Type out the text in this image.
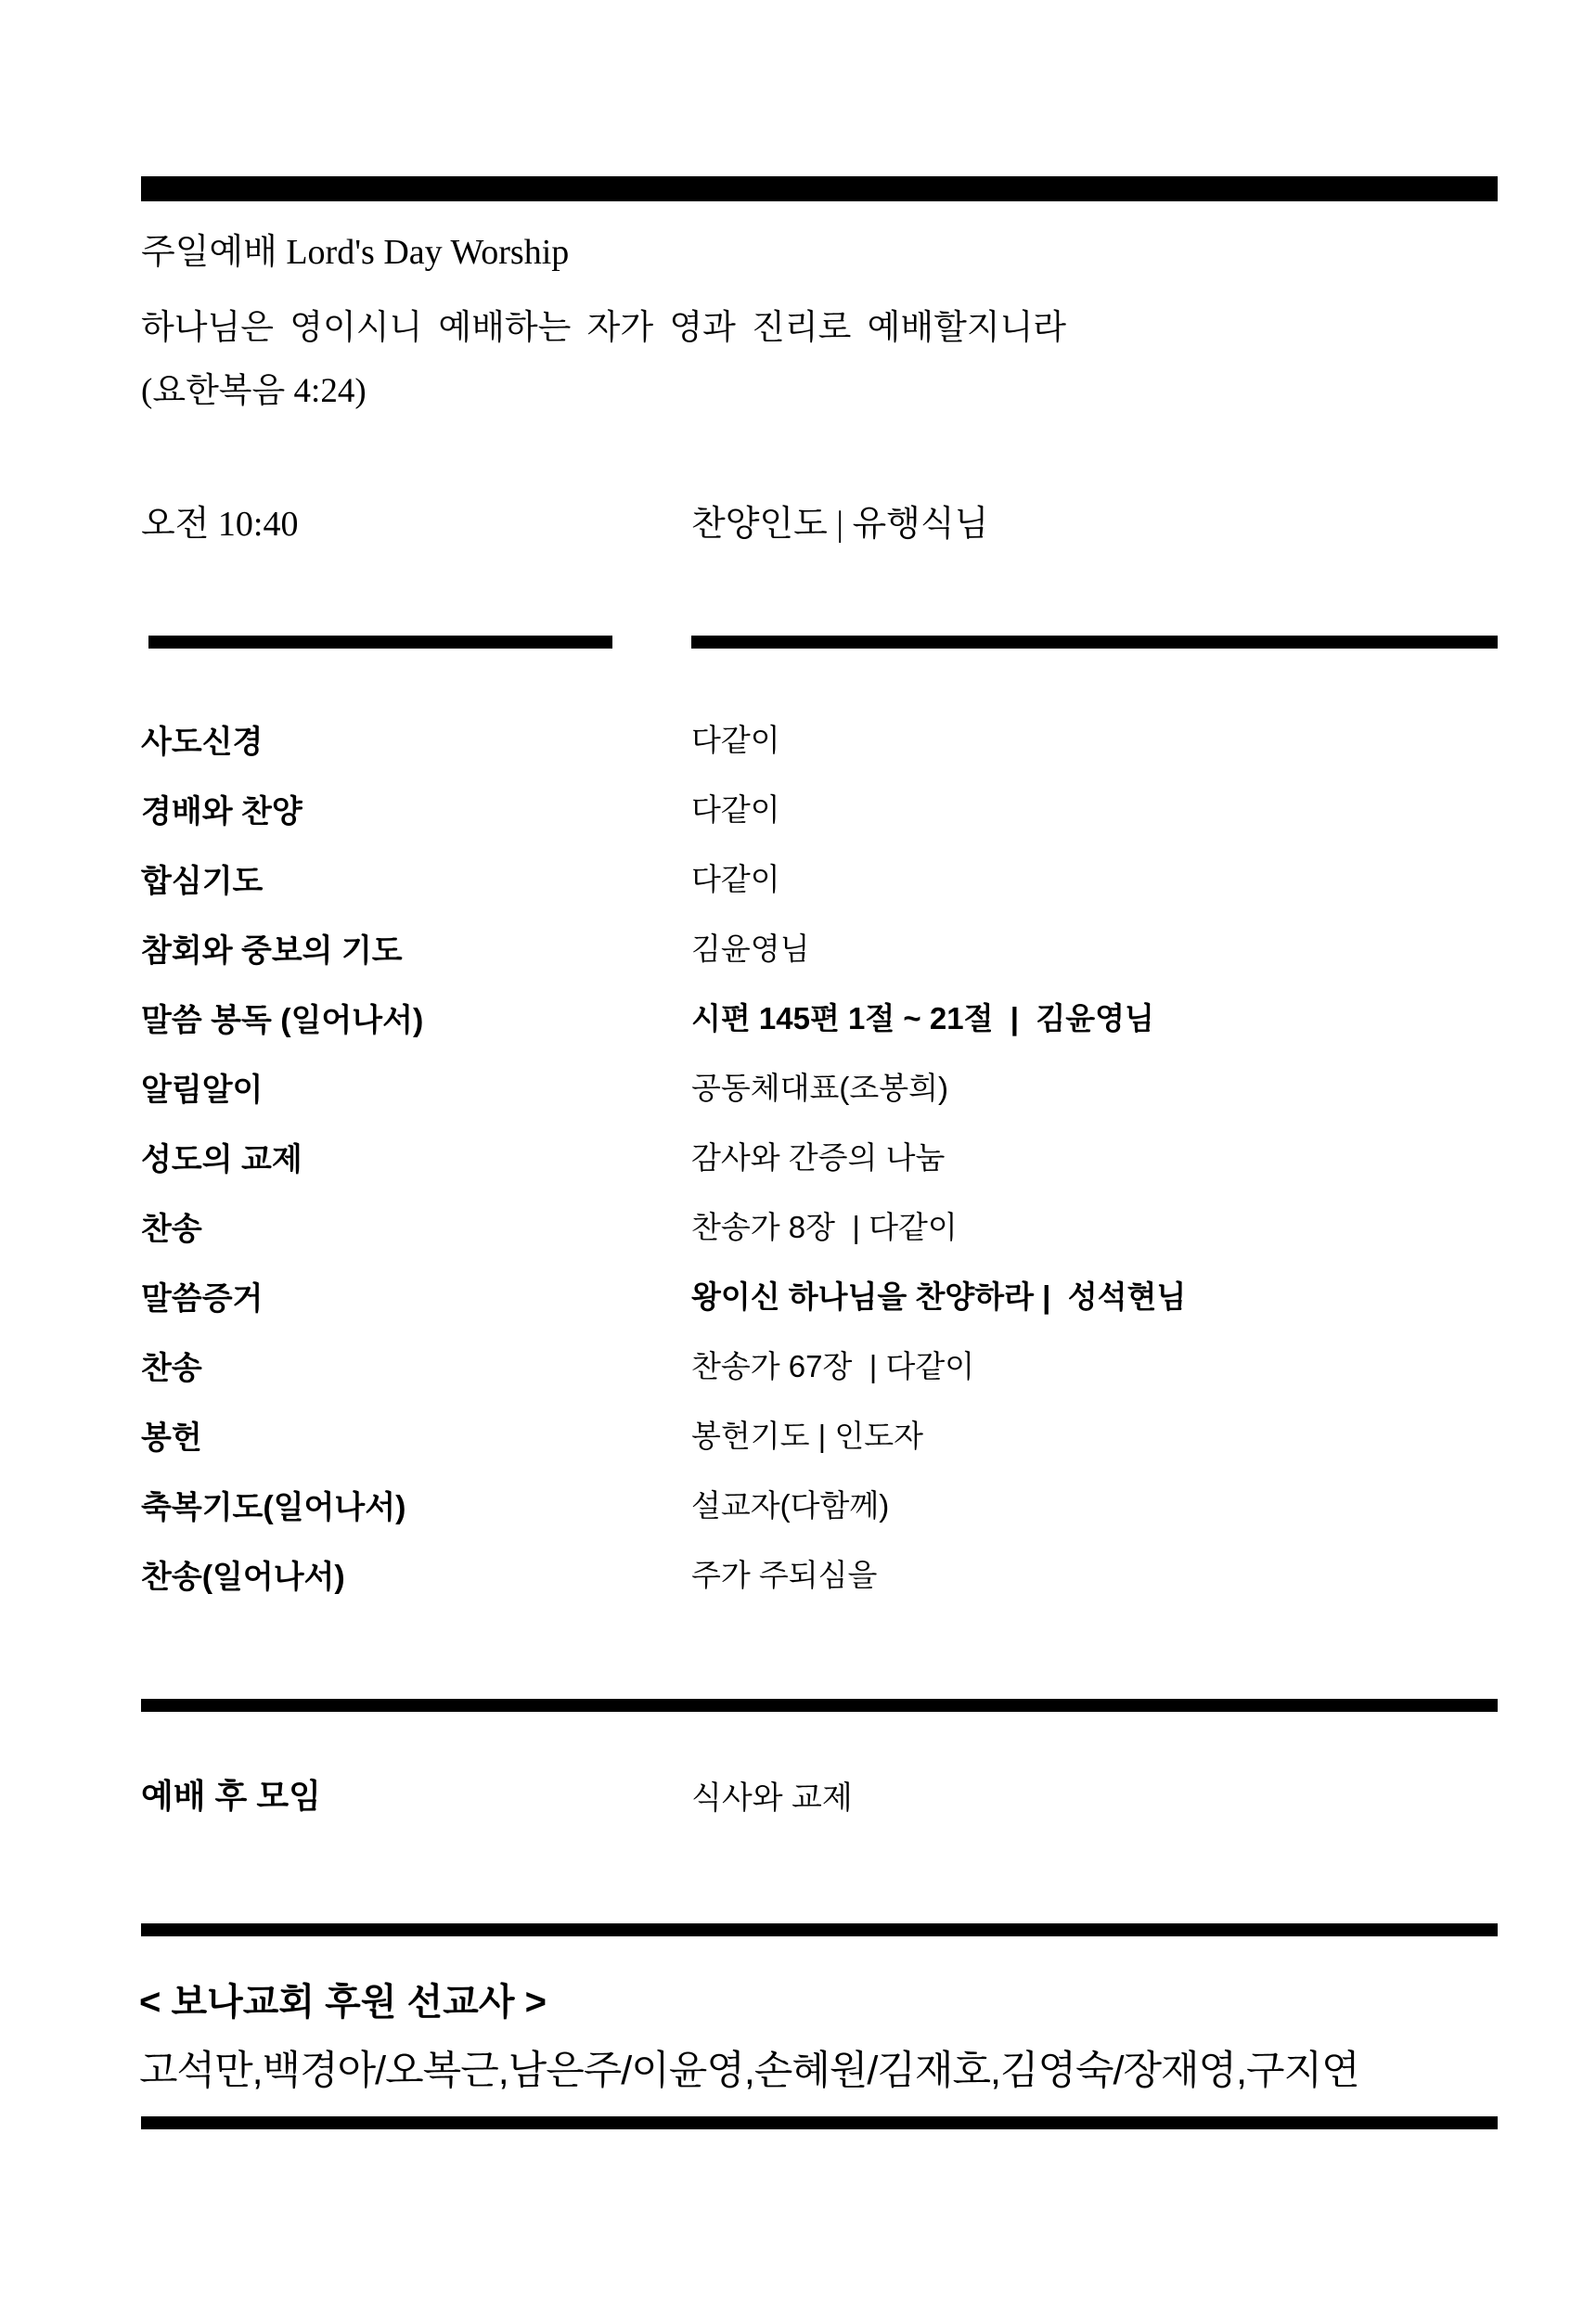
주일예배 Lord's Day Worship

하나님은 영이시니 예배하는 자가 영과 진리로 예배할지니라

(요한복음 4:24)

오전 10:40	찬양인도 | 유행식님
사도신경	다같이
경배와 찬양	다같이
합심기도	다같이
참회와 중보의 기도	김윤영님
말씀 봉독 (일어나서)	시편 145편 1절 ~ 21절  |  김윤영님
알림알이	공동체대표(조봉희)
성도의 교제	감사와 간증의 나눔
찬송	찬송가 8장  | 다같이
말씀증거	왕이신 하나님을 찬양하라 |  성석현님
찬송	찬송가 67장  | 다같이
봉헌	봉헌기도 | 인도자
축복기도(일어나서)	설교자(다함께)
찬송(일어나서)	주가 주되심을
예배 후 모임	식사와 교제

< 보나교회 후원 선교사 >

고석만,백경아/오복근,남은주/이윤영,손혜원/김재호,김영숙/장재영,구지연
